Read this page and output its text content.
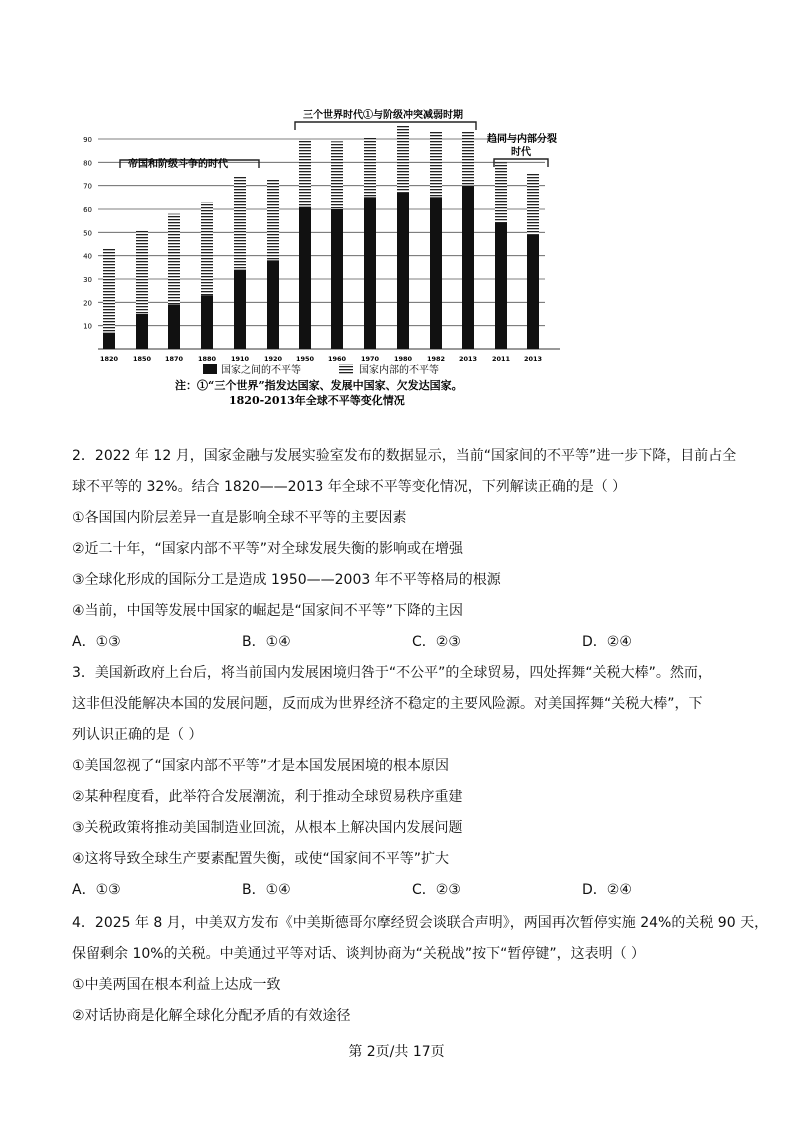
10
20
30
40
50
60
70
80
90
1820 1850 1870 1880 1910 1920 1950 1960 1970 1980 1982 2013 2011 2013
帝国和阶级斗争的时代
三个世界时代①与阶级冲突减弱时期
趋同与内部分裂
时代
国家之间的不平等	国家内部的不平等
注：①“三个世界”指发达国家、发展中国家、欠发达国家。
1820-2013年全球不平等变化情况

2．2022 年 12 月，国家金融与发展实验室发布的数据显示，当前“国家间的不平等”进一步下降，目前占全

球不平等的 32%。结合 1820——2013 年全球不平等变化情况，下列解读正确的是（ ）

①各国国内阶层差异一直是影响全球不平等的主要因素

②近二十年，“国家内部不平等”对全球发展失衡的影响或在增强

③全球化形成的国际分工是造成 1950——2003 年不平等格局的根源

④当前，中国等发展中国家的崛起是“国家间不平等”下降的主因

A．①③	B．①④	C．②③	D．②④

3．美国新政府上台后，将当前国内发展困境归咎于“不公平”的全球贸易，四处挥舞“关税大棒”。然而，

这非但没能解决本国的发展问题，反而成为世界经济不稳定的主要风险源。对美国挥舞“关税大棒”，下

列认识正确的是（ ）

①美国忽视了“国家内部不平等”才是本国发展困境的根本原因

②某种程度看，此举符合发展潮流，利于推动全球贸易秩序重建

③关税政策将推动美国制造业回流，从根本上解决国内发展问题

④这将导致全球生产要素配置失衡，或使“国家间不平等”扩大

A．①③	B．①④	C．②③	D．②④

4．2025 年 8 月，中美双方发布《中美斯德哥尔摩经贸会谈联合声明》，两国再次暂停实施 24%的关税 90 天，

保留剩余 10%的关税。中美通过平等对话、谈判协商为“关税战”按下“暂停键”，这表明（ ）

①中美两国在根本利益上达成一致

②对话协商是化解全球化分配矛盾的有效途径

第 2页/共 17页
